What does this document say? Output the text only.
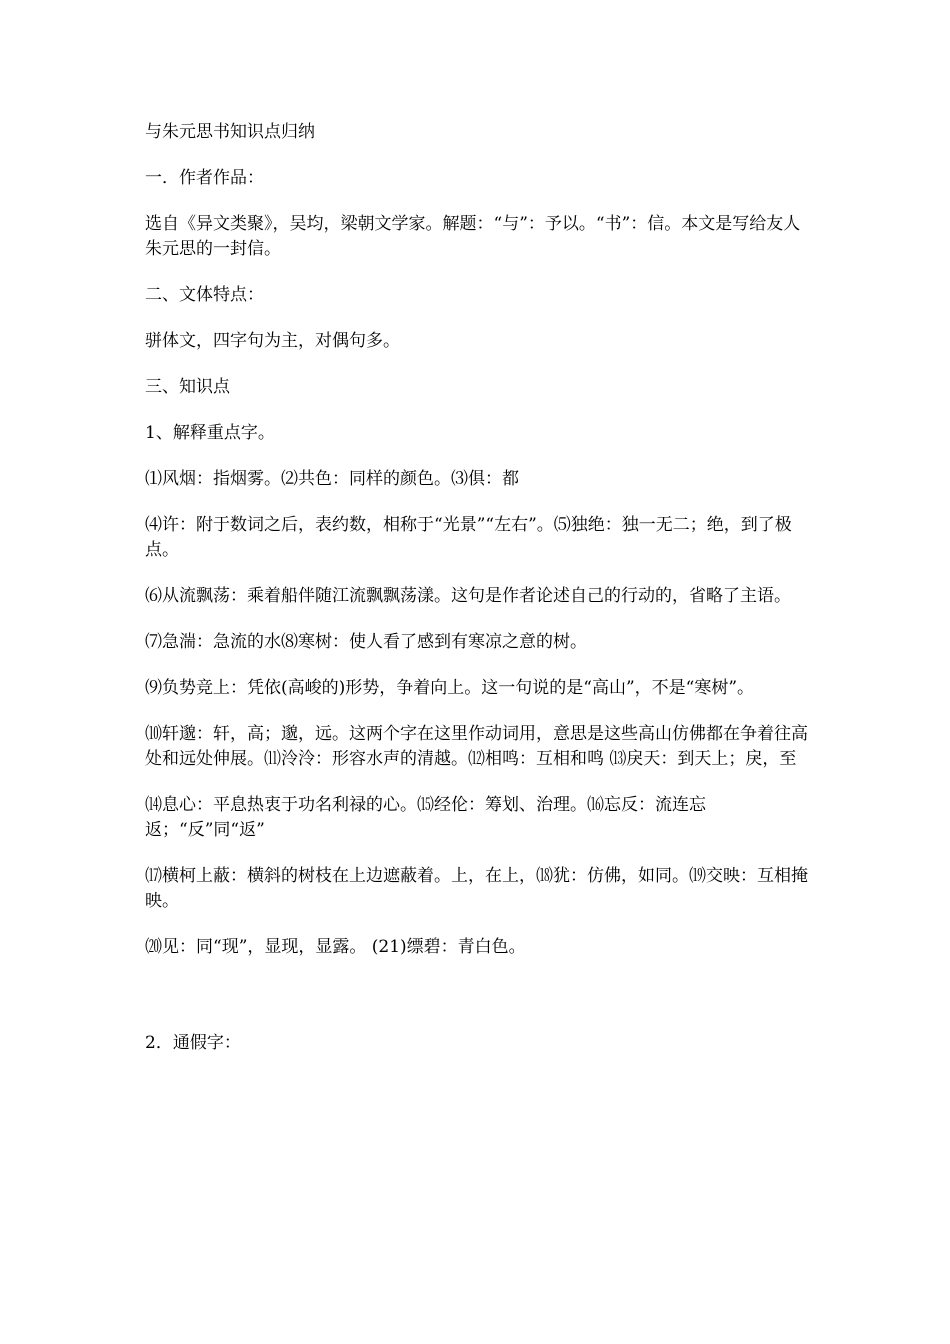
与朱元思书知识点归纳

一．作者作品：

选自《异文类聚》，吴均，梁朝文学家。解题：“与”：予以。“书”：信。本文是写给友人朱元思的一封信。

二、文体特点：

骈体文，四字句为主，对偶句多。

三、知识点

1、解释重点字。

⑴风烟：指烟雾。⑵共色：同样的颜色。⑶俱：都

⑷许：附于数词之后，表约数，相称于“光景”“左右”。⑸独绝：独一无二；绝，到了极点。

⑹从流飘荡：乘着船伴随江流飘飘荡漾。这句是作者论述自己的行动的，省略了主语。

⑺急湍：急流的水⑻寒树：使人看了感到有寒凉之意的树。

⑼负势竞上：凭依(高峻的)形势，争着向上。这一句说的是“高山”，不是“寒树”。

⑽轩邈：轩，高；邈，远。这两个字在这里作动词用，意思是这些高山仿佛都在争着往高处和远处伸展。⑾泠泠：形容水声的清越。⑿相鸣：互相和鸣 ⒀戾天：到天上；戾，至

⒁息心：平息热衷于功名利禄的心。⒂经伦：筹划、治理。⒃忘反：流连忘返；“反”同“返”

⒄横柯上蔽：横斜的树枝在上边遮蔽着。上，在上，⒅犹：仿佛，如同。⒆交映：互相掩映。

⒇见：同“现”，显现，显露。 (21)缥碧：青白色。

2．通假字：
